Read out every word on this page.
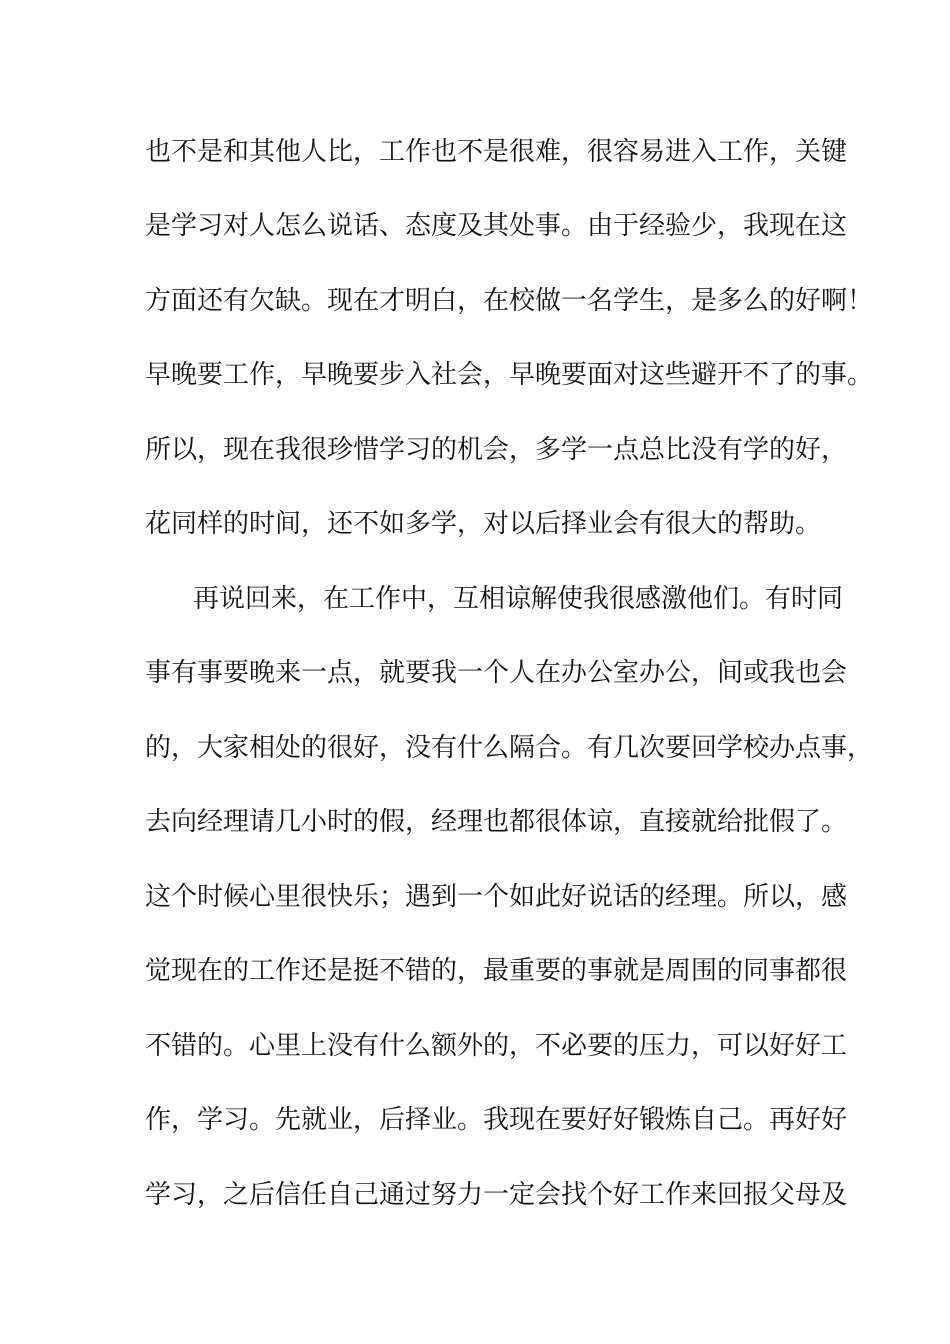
也不是和其他人比，工作也不是很难，很容易进入工作，关键

是学习对人怎么说话、态度及其处事。由于经验少，我现在这

方面还有欠缺。现在才明白，在校做一名学生，是多么的好啊！

早晚要工作，早晚要步入社会，早晚要面对这些避开不了的事。

所以，现在我很珍惜学习的机会，多学一点总比没有学的好，

花同样的时间，还不如多学，对以后择业会有很大的帮助。

再说回来，在工作中，互相谅解使我很感激他们。有时同

事有事要晚来一点，就要我一个人在办公室办公，间或我也会

的，大家相处的很好，没有什么隔合。有几次要回学校办点事，

去向经理请几小时的假，经理也都很体谅，直接就给批假了。

这个时候心里很快乐；遇到一个如此好说话的经理。所以，感

觉现在的工作还是挺不错的，最重要的事就是周围的同事都很

不错的。心里上没有什么额外的，不必要的压力，可以好好工

作，学习。先就业，后择业。我现在要好好锻炼自己。再好好

学习，之后信任自己通过努力一定会找个好工作来回报父母及
